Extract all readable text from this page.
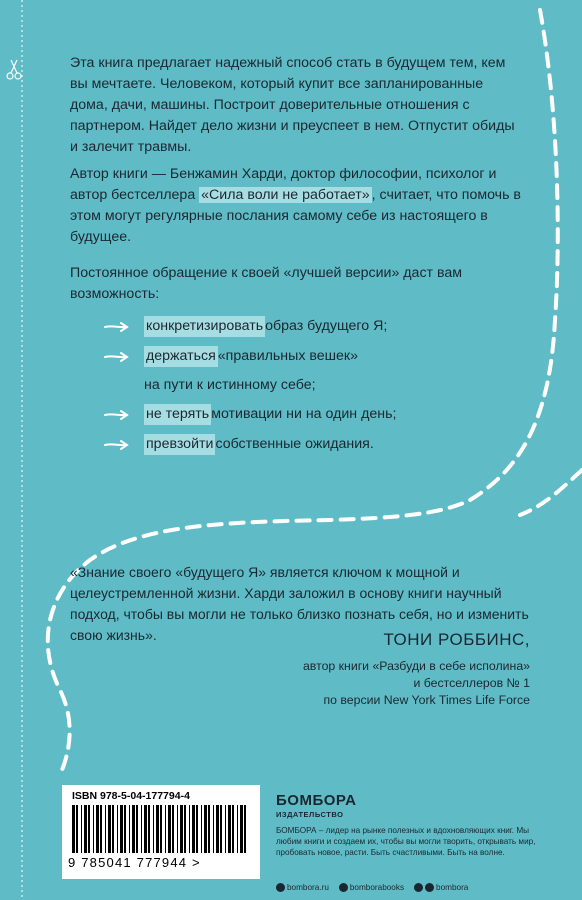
Эта книга предлагает надежный способ стать в будущем тем, кем вы мечтаете. Человеком, который купит все запланированные дома, дачи, машины. Построит доверительные отношения с партнером. Найдет дело жизни и преуспеет в нем. Отпустит обиды и залечит травмы.

Автор книги — Бенжамин Харди, доктор философии, психолог и автор бестселлера «Сила воли не работает» , считает, что помочь в этом могут регулярные послания самому себе из настоящего в будущее.

Постоянное обращение к своей «лучшей версии» даст вам возможность:

конкретизировать образ будущего Я;
держаться «правильных вешек»
на пути к истинному себе;
не терять мотивации ни на один день;
превзойти собственные ожидания.

«Знание своего «будущего Я» является ключом к мощной и целеустремленной жизни. Харди заложил в основу книги научный подход, чтобы вы могли не только близко познать себя, но и изменить свою жизнь».	ТОНИ РОББИНС,
автор книги «Разбуди в себе исполина»
и бестселлеров № 1
по версии New York Times Life Force
ISBN 978-5-04-177794-4
9 785041 777944 >
БОМБОРА
ИЗДАТЕЛЬСТВО
БОМБОРА – лидер на рынке полезных и вдохновляющих книг. Мы любим книги и создаем их, чтобы вы могли творить, открывать мир, пробовать новое, расти. Быть счастливыми. Быть на волне.
bombora.ru	bomborabooks	bombora
